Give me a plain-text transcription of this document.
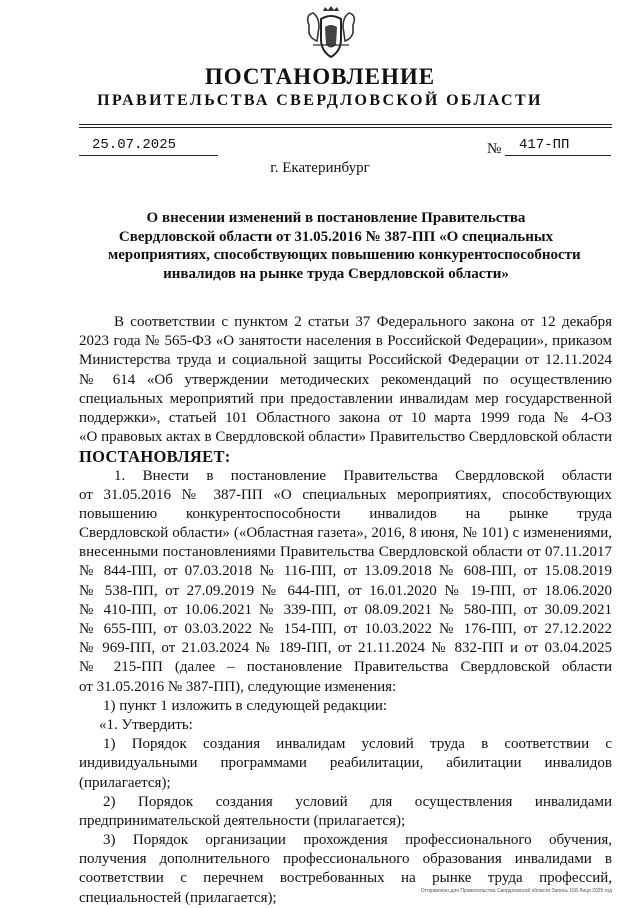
ПОСТАНОВЛЕНИЕ
ПРАВИТЕЛЬСТВА СВЕРДЛОВСКОЙ ОБЛАСТИ
25.07.2025	№ 417-ПП
г. Екатеринбург
О внесении изменений в постановление Правительства
Свердловской области от 31.05.2016 № 387-ПП «О специальных
мероприятиях, способствующих повышению конкурентоспособности
инвалидов на рынке труда Свердловской области»
В соответствии с пунктом 2 статьи 37 Федерального закона от 12 декабря
2023 года № 565-ФЗ «О занятости населения в Российской Федерации», приказом
Министерства труда и социальной защиты Российской Федерации от 12.11.2024
№ 614 «Об утверждении методических рекомендаций по осуществлению
специальных мероприятий при предоставлении инвалидам мер государственной
поддержки», статьей 101 Областного закона от 10 марта 1999 года № 4-ОЗ
«О правовых актах в Свердловской области» Правительство Свердловской области
ПОСТАНОВЛЯЕТ:
1. Внести в постановление Правительства Свердловской области
от 31.05.2016 № 387-ПП «О специальных мероприятиях, способствующих
повышению конкурентоспособности инвалидов на рынке труда
Свердловской области» («Областная газета», 2016, 8 июня, № 101) с изменениями,
внесенными постановлениями Правительства Свердловской области от 07.11.2017
№ 844-ПП, от 07.03.2018 № 116-ПП, от 13.09.2018 № 608-ПП, от 15.08.2019
№ 538-ПП, от 27.09.2019 № 644-ПП, от 16.01.2020 № 19-ПП, от 18.06.2020
№ 410-ПП, от 10.06.2021 № 339-ПП, от 08.09.2021 № 580-ПП, от 30.09.2021
№ 655-ПП, от 03.03.2022 № 154-ПП, от 10.03.2022 № 176-ПП, от 27.12.2022
№ 969-ПП, от 21.03.2024 № 189-ПП, от 21.11.2024 № 832-ПП и от 03.04.2025
№ 215-ПП (далее – постановление Правительства Свердловской области
от 31.05.2016 № 387-ПП), следующие изменения:
1) пункт 1 изложить в следующей редакции:
«1. Утвердить:
1) Порядок создания инвалидам условий труда в соответствии с
индивидуальными программами реабилитации, абилитации инвалидов
(прилагается);
2) Порядок создания условий для осуществления инвалидами
предпринимательской деятельности (прилагается);
3) Порядок организации прохождения профессионального обучения,
получения дополнительного профессионального образования инвалидами в
соответствии с перечнем востребованных на рынке труда профессий,
специальностей (прилагается);	Отправлено для Правительства Свердловской области Запись 158 Лицо 2025 год
